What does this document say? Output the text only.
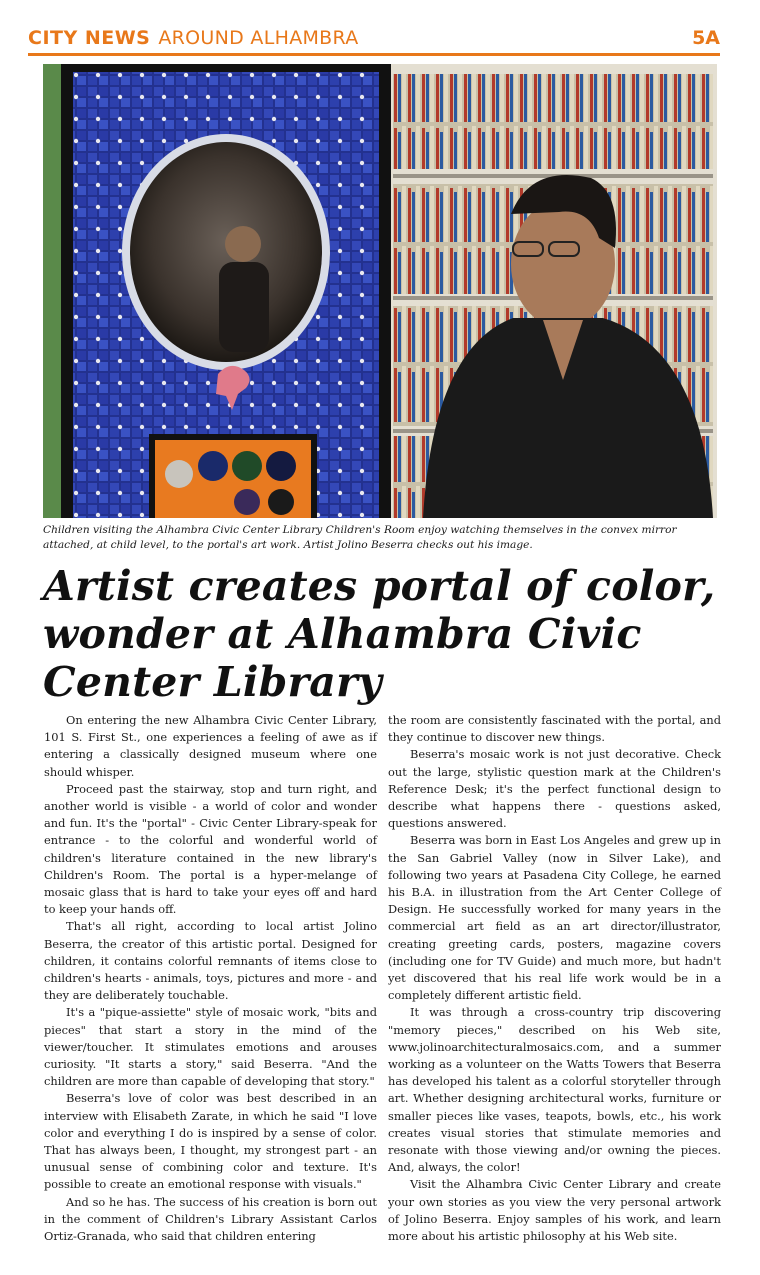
CITY NEWS AROUND ALHAMBRA	5A
Children visiting the Alhambra Civic Center Library Children's Room enjoy watching themselves in the convex mirror attached, at child level, to the portal's art work. Artist Jolino Beserra checks out his image.
Artist creates portal of color, wonder at Alhambra Civic Center Library

On entering the new Alhambra Civic Center Library, 101 S. First St., one experiences a feeling of awe as if entering a classically designed museum where one should whisper.

Proceed past the stairway, stop and turn right, and another world is visible - a world of color and wonder and fun. It's the "portal" - Civic Center Library-speak for entrance - to the colorful and wonderful world of children's literature contained in the new library's Children's Room. The portal is a hyper-melange of mosaic glass that is hard to take your eyes off and hard to keep your hands off.

That's all right, according to local artist Jolino Beserra, the creator of this artistic portal. Designed for children, it contains colorful remnants of items close to children's hearts - animals, toys, pictures and more - and they are deliberately touchable.

It's a "pique-assiette" style of mosaic work, "bits and pieces" that start a story in the mind of the viewer/toucher. It stimulates emotions and arouses curiosity. "It starts a story," said Beserra. "And the children are more than capable of developing that story."

Beserra's love of color was best described in an interview with Elisabeth Zarate, in which he said "I love color and everything I do is inspired by a sense of color. That has always been, I thought, my strongest part - an unusual sense of combining color and texture. It's possible to create an emotional response with visuals."

And so he has. The success of his creation is born out in the comment of Children's Library Assistant Carlos Ortiz-Granada, who said that children entering

the room are consistently fascinated with the portal, and they continue to discover new things.

Beserra's mosaic work is not just decorative. Check out the large, stylistic question mark at the Children's Reference Desk; it's the perfect functional design to describe what happens there - questions asked, questions answered.

Beserra was born in East Los Angeles and grew up in the San Gabriel Valley (now in Silver Lake), and following two years at Pasadena City College, he earned his B.A. in illustration from the Art Center College of Design. He successfully worked for many years in the commercial art field as an art director/illustrator, creating greeting cards, posters, magazine covers (including one for TV Guide) and much more, but hadn't yet discovered that his real life work would be in a completely different artistic field.

It was through a cross-country trip discovering "memory pieces," described on his Web site, www.jolinoarchitecturalmosaics.com, and a summer working as a volunteer on the Watts Towers that Beserra has developed his talent as a colorful storyteller through art. Whether designing architectural works, furniture or smaller pieces like vases, teapots, bowls, etc., his work creates visual stories that stimulate memories and resonate with those viewing and/or owning the pieces. And, always, the color!

Visit the Alhambra Civic Center Library and create your own stories as you view the very personal artwork of Jolino Beserra. Enjoy samples of his work, and learn more about his artistic philosophy at his Web site.
